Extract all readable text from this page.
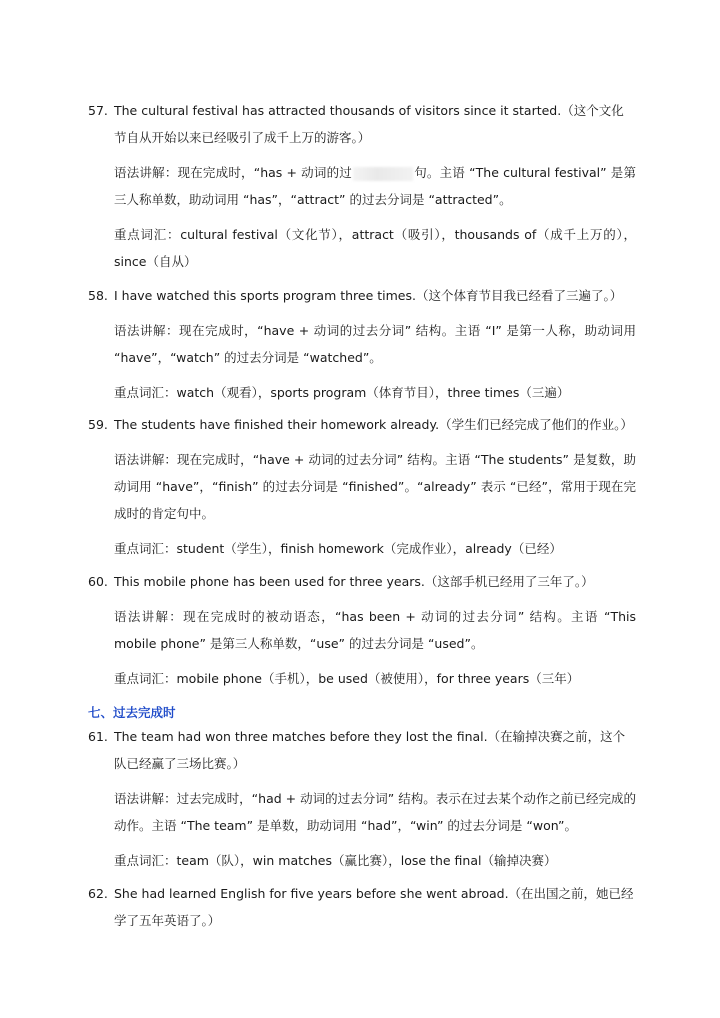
57. The cultural festival has attracted thousands of visitors since it started.（这个文化节自从开始以来已经吸引了成千上万的游客。）

语法讲解：现在完成时，“has + 动词的过	句。主语 “The cultural festival” 是第三人称单数，助动词用 “has”，“attract” 的过去分词是 “attracted”。

重点词汇：cultural festival（文化节），attract（吸引），thousands of（成千上万的），since（自从）

58. I have watched this sports program three times.（这个体育节目我已经看了三遍了。）

语法讲解：现在完成时，“have + 动词的过去分词” 结构。主语 “I” 是第一人称，助动词用 “have”，“watch” 的过去分词是 “watched”。

重点词汇：watch（观看），sports program（体育节目），three times（三遍）

59. The students have finished their homework already.（学生们已经完成了他们的作业。）

语法讲解：现在完成时，“have + 动词的过去分词” 结构。主语 “The students” 是复数，助动词用 “have”，“finish” 的过去分词是 “finished”。“already” 表示 “已经”，常用于现在完成时的肯定句中。

重点词汇：student（学生），finish homework（完成作业），already（已经）

60. This mobile phone has been used for three years.（这部手机已经用了三年了。）

语法讲解：现在完成时的被动语态，“has been + 动词的过去分词” 结构。主语 “This mobile phone” 是第三人称单数，“use” 的过去分词是 “used”。

重点词汇：mobile phone（手机），be used（被使用），for three years（三年）

七、过去完成时

61. The team had won three matches before they lost the final.（在输掉决赛之前，这个队已经赢了三场比赛。）

语法讲解：过去完成时，“had + 动词的过去分词” 结构。表示在过去某个动作之前已经完成的动作。主语 “The team” 是单数，助动词用 “had”，“win” 的过去分词是 “won”。

重点词汇：team（队），win matches（赢比赛），lose the final（输掉决赛）

62. She had learned English for five years before she went abroad.（在出国之前，她已经学了五年英语了。）
